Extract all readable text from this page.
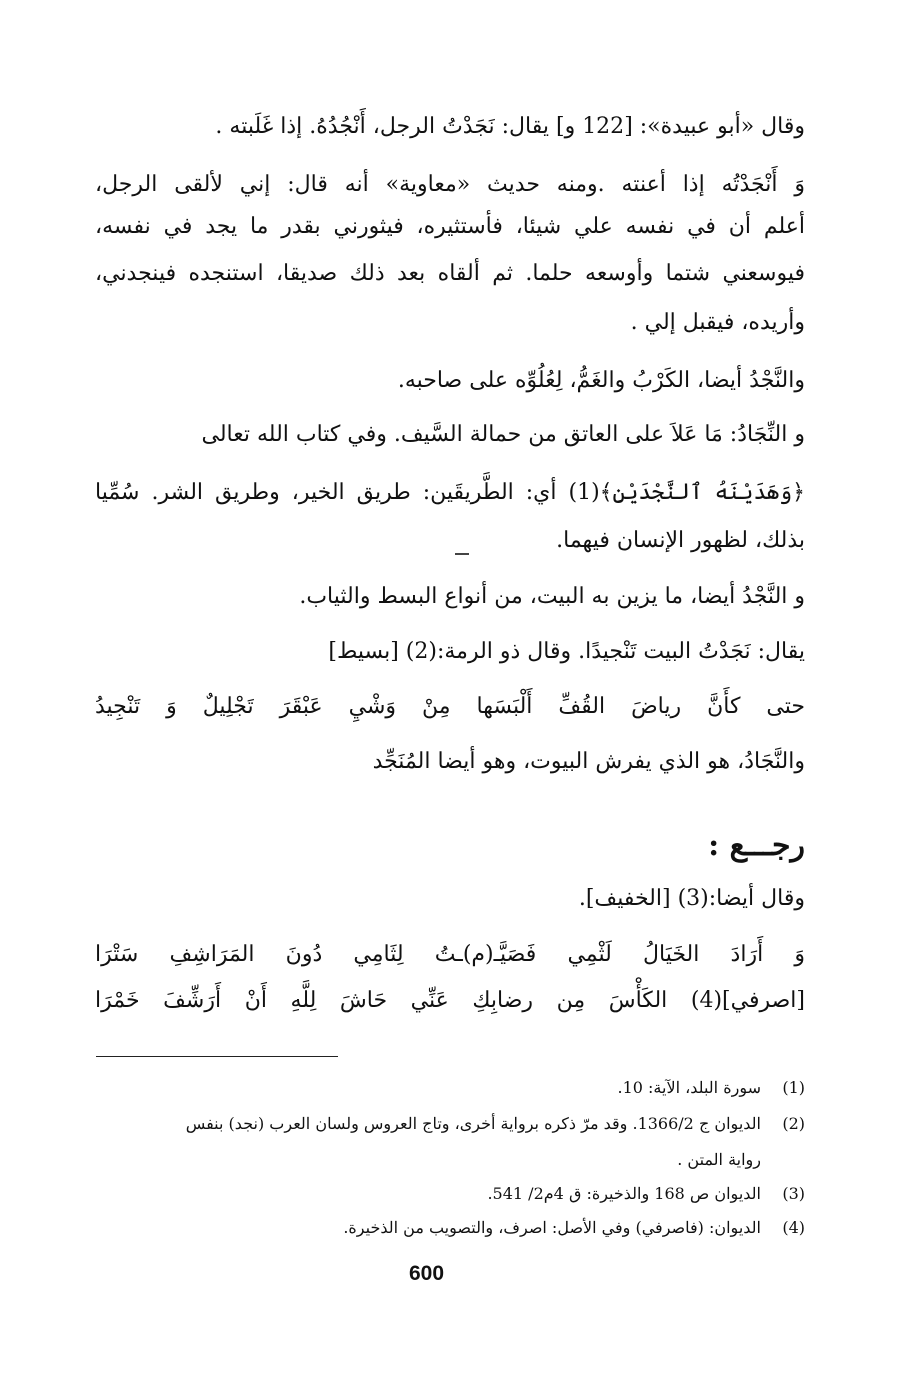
وقال «أبو عبيدة»: [122 و] يقال: نَجَدْتُ الرجل، أَنْجُدُهُ. إذا غَلَبته .
وَ أَنْجَدْتُه إذا أعنته .ومنه حديث «معاوية» أنه قال: إني لألقى الرجل،
أعلم أن في نفسه علي شيئا، فأستثيره، فيثورني بقدر ما يجد في نفسه،
فيوسعني شتما وأوسعه حلما. ثم ألقاه بعد ذلك صديقا، استنجده فينجدني،
وأريده، فيقبل إلي .
والنَّجْدُ أيضا، الكَرْبُ والغَمُّ، لِعُلُوِّه على صاحبه.
و النِّجَادُ: مَا عَلاَ على العاتق من حمالة السَّيف. وفي كتاب الله تعالى
﴿وَهَدَيْنَهُ ٱلنَّجْدَيْنِ﴾(1) أي: الطَّريقَين: طريق الخير، وطريق الشر. سُمِّيا
بذلك، لظهور الإنسان فيهما.
و النَّجْدُ أيضا، ما يزين به البيت، من أنواع البسط والثياب.
يقال: نَجَدْتُ البيت تَنْجيدًا. وقال ذو الرمة:(2) [بسيط]
حتى كأَنَّ رياضَ القُفِّ أَلْبَسَها مِنْ وَشْيِ عَبْقَرَ تَجْلِيلٌ وَ تَنْجِيدُ
والنَّجَادُ، هو الذي يفرش البيوت، وهو أيضا المُنَجِّد
رجـــع :
وقال أيضا:(3) [الخفيف].
وَ أَرَادَ الخَيَالُ لَثْمِي فَصَيَّـ(م)ـتُ لِثَامِي دُونَ المَرَاشِفِ سَتْرَا
[اصرفي](4) الكَأْسَ مِن رضابِكِ عَنِّي حَاشَ لِلَّهِ أَنْ أَرَشِّفَ خَمْرَا
(1)
سورة البلد، الآية: 10.
(2)
الديوان ج 1366/2. وقد مرّ ذكره برواية أخرى، وتاج العروس ولسان العرب (نجد) بنفس
رواية المتن .
(3)
الديوان ص 168 والذخيرة: ق 4م2/ 541.
(4)
الديوان: (فاصرفي) وفي الأصل: اصرف، والتصويب من الذخيرة.
600
